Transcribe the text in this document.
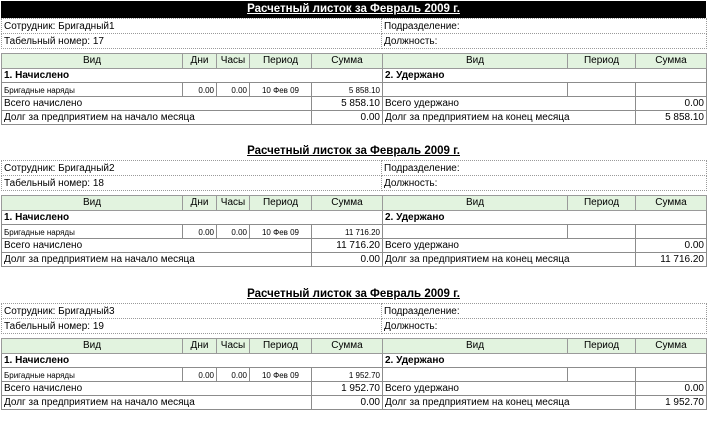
Расчетный листок за Февраль 2009 г.
Сотрудник: Бригадный1	Подразделение:
Табельный номер: 17	Должность:
Вид	Дни	Часы	Период	Сумма	Вид	Период	Сумма
1. Начислено					2. Удержано		
Бригадные наряды	0.00	0.00	10 Фев 09	5 858.10			
Всего начислено				5 858.10	Всего удержано		0.00
Долг за предприятием на начало месяца				0.00	Долг за предприятием на конец месяца		5 858.10
Расчетный листок за Февраль 2009 г.
Сотрудник: Бригадный2	Подразделение:
Табельный номер: 18	Должность:
Вид	Дни	Часы	Период	Сумма	Вид	Период	Сумма
1. Начислено					2. Удержано		
Бригадные наряды	0.00	0.00	10 Фев 09	11 716.20			
Всего начислено				11 716.20	Всего удержано		0.00
Долг за предприятием на начало месяца				0.00	Долг за предприятием на конец месяца		11 716.20
Расчетный листок за Февраль 2009 г.
Сотрудник: Бригадный3	Подразделение:
Табельный номер: 19	Должность:
Вид	Дни	Часы	Период	Сумма	Вид	Период	Сумма
1. Начислено					2. Удержано		
Бригадные наряды	0.00	0.00	10 Фев 09	1 952.70			
Всего начислено				1 952.70	Всего удержано		0.00
Долг за предприятием на начало месяца				0.00	Долг за предприятием на конец месяца		1 952.70
